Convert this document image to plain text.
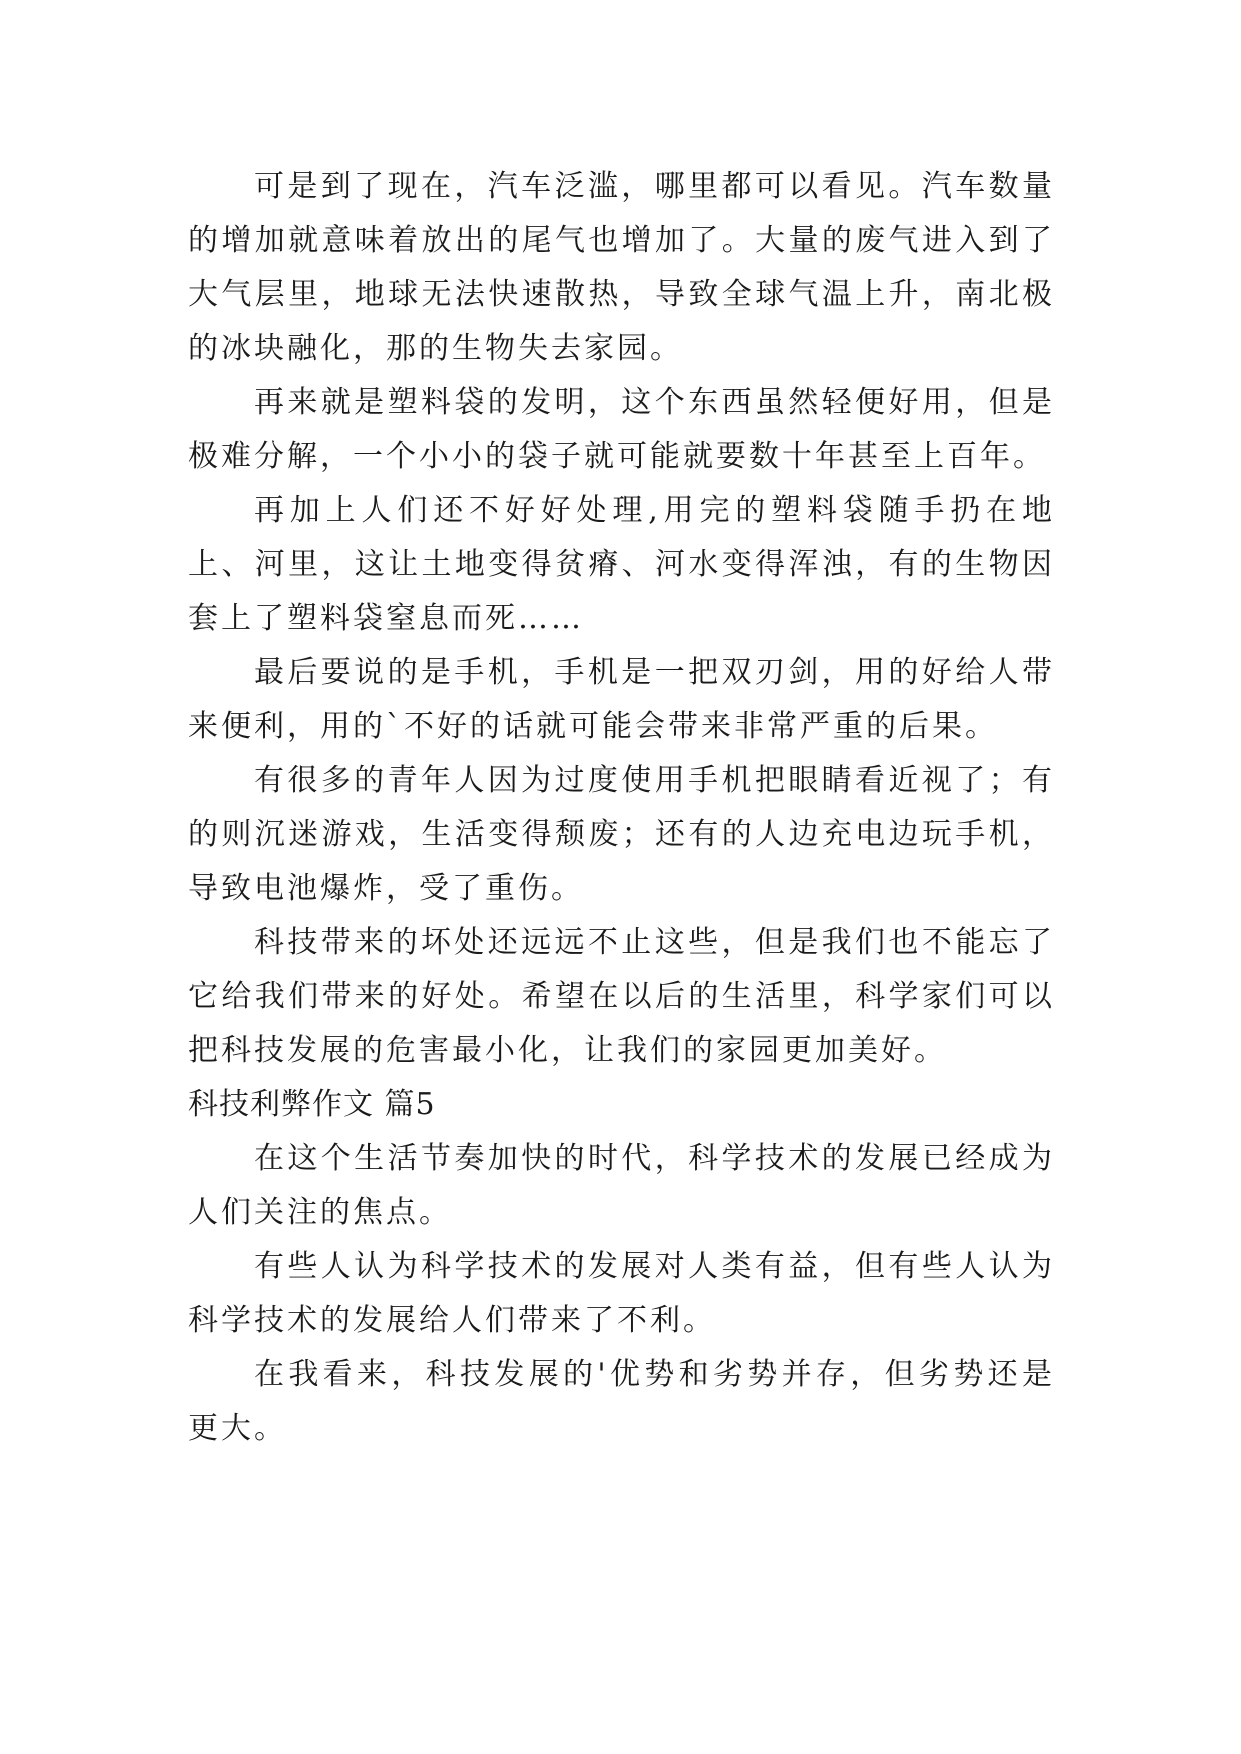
可是到了现在，汽车泛滥，哪里都可以看见。汽车数量的增加就意味着放出的尾气也增加了。大量的废气进入到了大气层里，地球无法快速散热，导致全球气温上升，南北极的冰块融化，那的生物失去家园。

再来就是塑料袋的发明，这个东西虽然轻便好用，但是极难分解，一个小小的袋子就可能就要数十年甚至上百年。

再加上人们还不好好处理,用完的塑料袋随手扔在地上、河里，这让土地变得贫瘠、河水变得浑浊，有的生物因套上了塑料袋窒息而死……

最后要说的是手机，手机是一把双刃剑，用的好给人带来便利，用的`不好的话就可能会带来非常严重的后果。

有很多的青年人因为过度使用手机把眼睛看近视了；有的则沉迷游戏，生活变得颓废；还有的人边充电边玩手机，导致电池爆炸，受了重伤。

科技带来的坏处还远远不止这些，但是我们也不能忘了它给我们带来的好处。希望在以后的生活里，科学家们可以把科技发展的危害最小化，让我们的家园更加美好。

科技利弊作文 篇5

在这个生活节奏加快的时代，科学技术的发展已经成为人们关注的焦点。

有些人认为科学技术的发展对人类有益，但有些人认为科学技术的发展给人们带来了不利。

在我看来，科技发展的'优势和劣势并存，但劣势还是更大。
